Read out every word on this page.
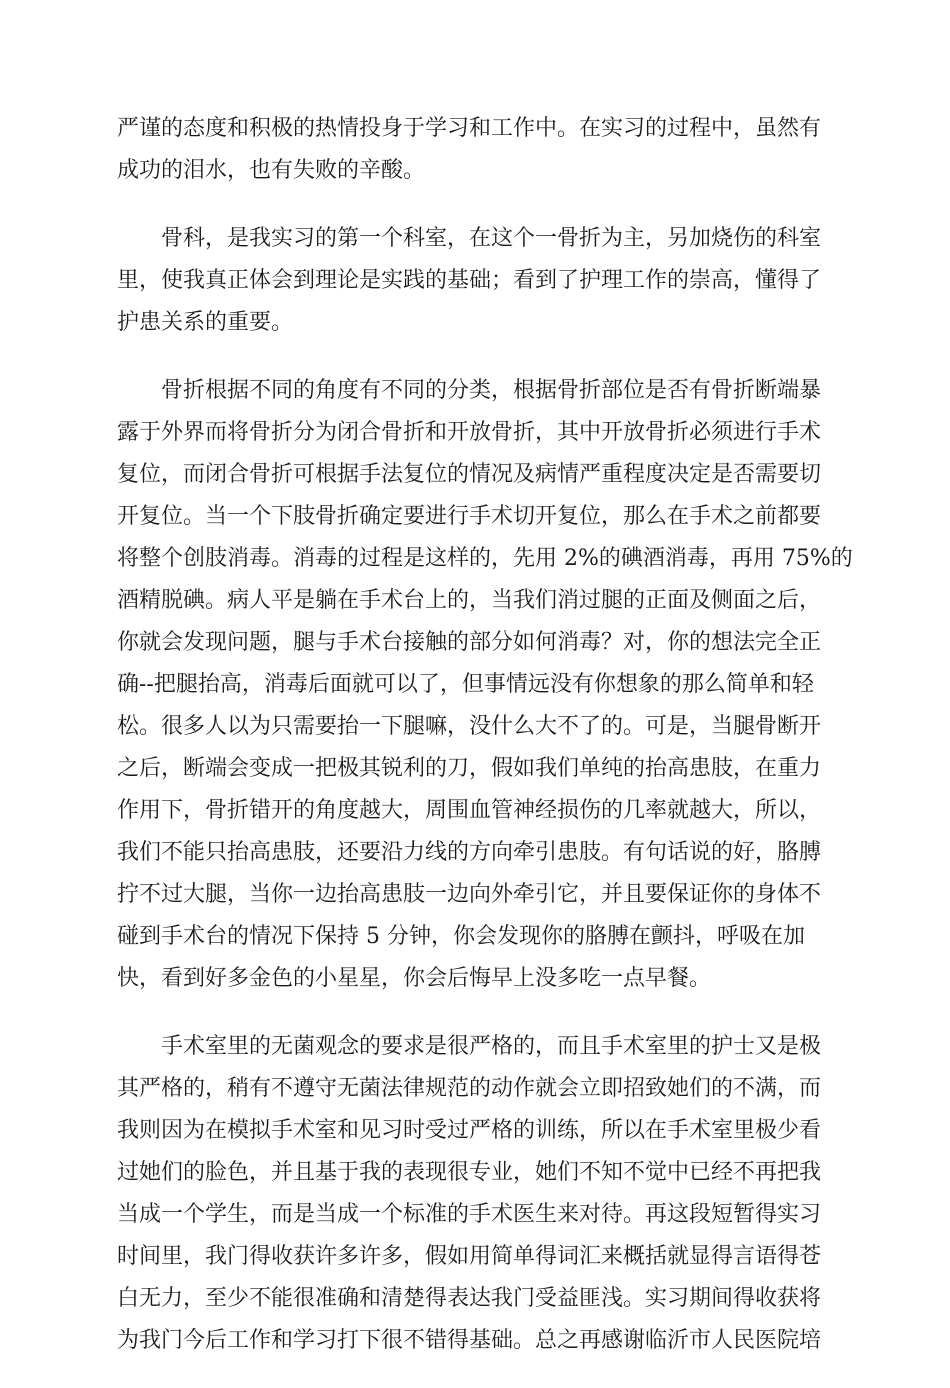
严谨的态度和积极的热情投身于学习和工作中。在实习的过程中，虽然有
成功的泪水，也有失败的辛酸。

骨科，是我实习的第一个科室，在这个一骨折为主，另加烧伤的科室
里，使我真正体会到理论是实践的基础；看到了护理工作的崇高，懂得了
护患关系的重要。

骨折根据不同的角度有不同的分类，根据骨折部位是否有骨折断端暴
露于外界而将骨折分为闭合骨折和开放骨折，其中开放骨折必须进行手术
复位，而闭合骨折可根据手法复位的情况及病情严重程度决定是否需要切
开复位。当一个下肢骨折确定要进行手术切开复位，那么在手术之前都要
将整个创肢消毒。消毒的过程是这样的，先用 2%的碘酒消毒，再用 75%的
酒精脱碘。病人平是躺在手术台上的，当我们消过腿的正面及侧面之后，
你就会发现问题，腿与手术台接触的部分如何消毒？对，你的想法完全正
确--把腿抬高，消毒后面就可以了，但事情远没有你想象的那么简单和轻
松。很多人以为只需要抬一下腿嘛，没什么大不了的。可是，当腿骨断开
之后，断端会变成一把极其锐利的刀，假如我们单纯的抬高患肢，在重力
作用下，骨折错开的角度越大，周围血管神经损伤的几率就越大，所以，
我们不能只抬高患肢，还要沿力线的方向牵引患肢。有句话说的好，胳膊
拧不过大腿，当你一边抬高患肢一边向外牵引它，并且要保证你的身体不
碰到手术台的情况下保持 5 分钟，你会发现你的胳膊在颤抖，呼吸在加
快，看到好多金色的小星星，你会后悔早上没多吃一点早餐。

手术室里的无菌观念的要求是很严格的，而且手术室里的护士又是极
其严格的，稍有不遵守无菌法律规范的动作就会立即招致她们的不满，而
我则因为在模拟手术室和见习时受过严格的训练，所以在手术室里极少看
过她们的脸色，并且基于我的表现很专业，她们不知不觉中已经不再把我
当成一个学生，而是当成一个标准的手术医生来对待。再这段短暂得实习
时间里，我门得收获许多许多，假如用简单得词汇来概括就显得言语得苍
白无力，至少不能很准确和清楚得表达我门受益匪浅。实习期间得收获将
为我门今后工作和学习打下很不错得基础。总之再感谢临沂市人民医院培
